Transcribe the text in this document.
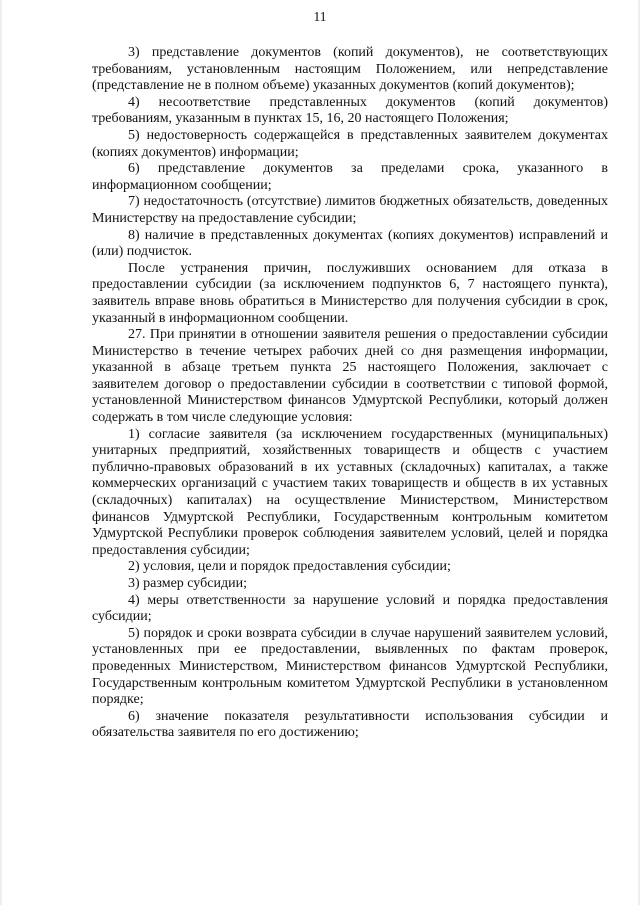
11

3) представление документов (копий документов), не соответствующих требованиям, установленным настоящим Положением, или непредставление (представление не в полном объеме) указанных документов (копий документов);

4) несоответствие представленных документов (копий документов) требованиям, указанным в пунктах 15, 16, 20 настоящего Положения;

5) недостоверность содержащейся в представленных заявителем документах (копиях документов) информации;

6) представление документов за пределами срока, указанного в информационном сообщении;

7) недостаточность (отсутствие) лимитов бюджетных обязательств, доведенных Министерству на предоставление субсидии;

8) наличие в представленных документах (копиях документов) исправлений и (или) подчисток.

После устранения причин, послуживших основанием для отказа в предоставлении субсидии (за исключением подпунктов 6, 7 настоящего пункта), заявитель вправе вновь обратиться в Министерство для получения субсидии в срок, указанный в информационном сообщении.

27. При принятии в отношении заявителя решения о предоставлении субсидии Министерство в течение четырех рабочих дней со дня размещения информации, указанной в абзаце третьем пункта 25 настоящего Положения, заключает с заявителем договор о предоставлении субсидии в соответствии с типовой формой, установленной Министерством финансов Удмуртской Республики, который должен содержать в том числе следующие условия:

1) согласие заявителя (за исключением государственных (муниципальных) унитарных предприятий, хозяйственных товариществ и обществ с участием публично-правовых образований в их уставных (складочных) капиталах, а также коммерческих организаций с участием таких товариществ и обществ в их уставных (складочных) капиталах) на осуществление Министерством, Министерством финансов Удмуртской Республики, Государственным контрольным комитетом Удмуртской Республики проверок соблюдения заявителем условий, целей и порядка предоставления субсидии;

2) условия, цели и порядок предоставления субсидии;

3) размер субсидии;

4) меры ответственности за нарушение условий и порядка предоставления субсидии;

5) порядок и сроки возврата субсидии в случае нарушений заявителем условий, установленных при ее предоставлении, выявленных по фактам проверок, проведенных Министерством, Министерством финансов Удмуртской Республики, Государственным контрольным комитетом Удмуртской Республики в установленном порядке;

6) значение показателя результативности использования субсидии и обязательства заявителя по его достижению;
